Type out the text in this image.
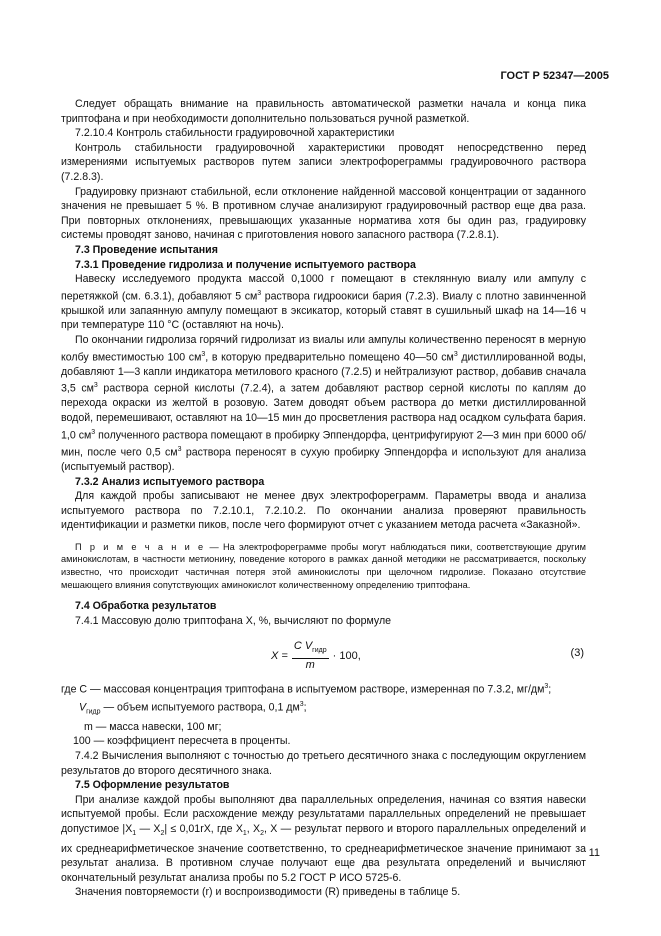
ГОСТ Р 52347—2005

Следует обращать внимание на правильность автоматической разметки начала и конца пика триптофана и при необходимости дополнительно пользоваться ручной разметкой.

7.2.10.4 Контроль стабильности градуировочной характеристики

Контроль стабильности градуировочной характеристики проводят непосредственно перед измерениями испытуемых растворов путем записи электрофореграммы градуировочного раствора (7.2.8.3).

Градуировку признают стабильной, если отклонение найденной массовой концентрации от заданного значения не превышает 5 %. В противном случае анализируют градуировочный раствор еще два раза. При повторных отклонениях, превышающих указанные норматива хотя бы один раз, градуировку системы проводят заново, начиная с приготовления нового запасного раствора (7.2.8.1).

7.3 Проведение испытания

7.3.1 Проведение гидролиза и получение испытуемого раствора

Навеску исследуемого продукта массой 0,1000 г помещают в стеклянную виалу или ампулу с перетяжкой (см. 6.3.1), добавляют 5 $см^3$ раствора гидроокиси бария (7.2.3). Виалу с плотно завинченной крышкой или запаянную ампулу помещают в эксикатор, который ставят в сушильный шкаф на 14—16 ч при температуре 110 °С (оставляют на ночь).

По окончании гидролиза горячий гидролизат из виалы или ампулы количественно переносят в мерную колбу вместимостью 100 $см^3$, в которую предварительно помещено 40—50 $см^3$ дистиллированной воды, добавляют 1—3 капли индикатора метилового красного (7.2.5) и нейтрализуют раствор, добавив сначала 3,5 $см^3$ раствора серной кислоты (7.2.4), а затем добавляют раствор серной кислоты по каплям до перехода окраски из желтой в розовую. Затем доводят объем раствора до метки дистиллированной водой, перемешивают, оставляют на 10—15 мин до просветления раствора над осадком сульфата бария. 1,0 $см^3$ полученного раствора помещают в пробирку Эппендорфа, центрифугируют 2—3 мин при 6000 об/мин, после чего 0,5 $см^3$ раствора переносят в сухую пробирку Эппендорфа и используют для анализа (испытуемый раствор).

7.3.2 Анализ испытуемого раствора

Для каждой пробы записывают не менее двух электрофореграмм. Параметры ввода и анализа испытуемого раствора по 7.2.10.1, 7.2.10.2. По окончании анализа проверяют правильность идентификации и разметки пиков, после чего формируют отчет с указанием метода расчета «Заказной».

П р и м е ч а н и е — На электрофореграмме пробы могут наблюдаться пики, соответствующие другим аминокислотам, в частности метионину, поведение которого в рамках данной методики не рассматривается, поскольку известно, что происходит частичная потеря этой аминокислоты при щелочном гидролизе. Показано отсутствие мешающего влияния сопутствующих аминокислот количественному определению триптофана.

7.4 Обработка результатов

7.4.1 Массовую долю триптофана X, %, вычисляют по формуле

$X = \frac{C V_{гидр}}{m} \cdot 100$,	(3)

где C — массовая концентрация триптофана в испытуемом растворе, измеренная по 7.3.2, $мг/дм^3$;

$V_{гидр}$ — объем испытуемого раствора, 0,1 $дм^3$;

m — масса навески, 100 мг;

100 — коэффициент пересчета в проценты.

7.4.2 Вычисления выполняют с точностью до третьего десятичного знака с последующим округлением результатов до второго десятичного знака.

7.5 Оформление результатов

При анализе каждой пробы выполняют два параллельных определения, начиная со взятия навески испытуемой пробы. Если расхождение между результатами параллельных определений не превышает допустимое $|X_1$ — $X_2| \le 0,01rX$, где $X_1$, $X_2$, X — результат первого и второго параллельных определений и их среднеарифметическое значение соответственно, то среднеарифметическое значение принимают за результат анализа. В противном случае получают еще два результата определений и вычисляют окончательный результат анализа пробы по 5.2 ГОСТ Р ИСО 5725-6.

Значения повторяемости (r) и воспроизводимости (R) приведены в таблице 5.

11
